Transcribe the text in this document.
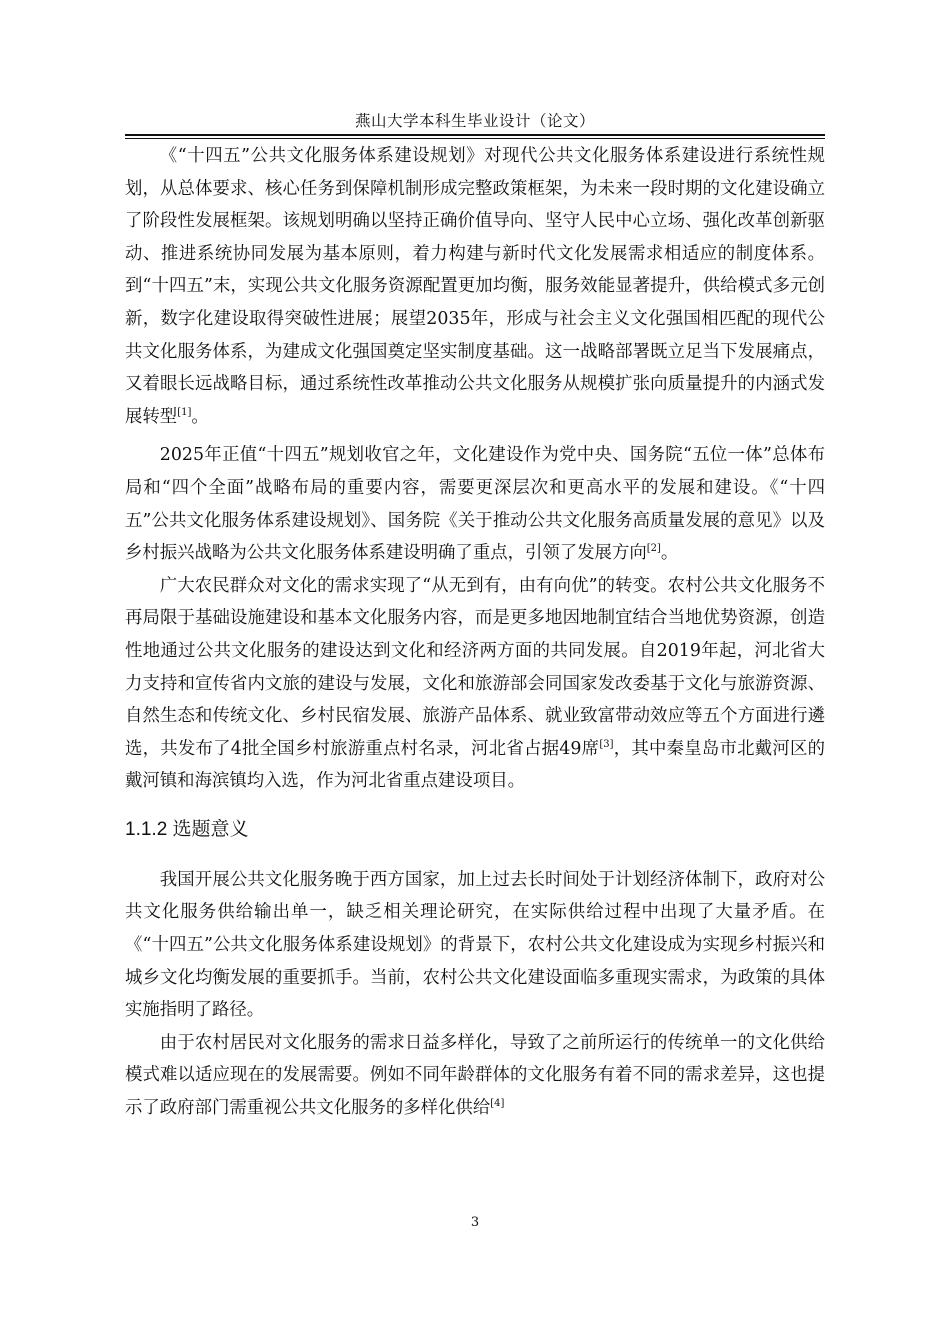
燕山大学本科生毕业设计（论文）

《“十四五”公共文化服务体系建设规划》对现代公共文化服务体系建设进行系统性规划，从总体要求、核心任务到保障机制形成完整政策框架，为未来一段时期的文化建设确立了阶段性发展框架。该规划明确以坚持正确价值导向、坚守人民中心立场、强化改革创新驱动、推进系统协同发展为基本原则，着力构建与新时代文化发展需求相适应的制度体系。到“十四五”末，实现公共文化服务资源配置更加均衡，服务效能显著提升，供给模式多元创新，数字化建设取得突破性进展；展望2035年，形成与社会主义文化强国相匹配的现代公共文化服务体系，为建成文化强国奠定坚实制度基础。这一战略部署既立足当下发展痛点，又着眼长远战略目标，通过系统性改革推动公共文化服务从规模扩张向质量提升的内涵式发展转型[1]。

2025年正值“十四五”规划收官之年，文化建设作为党中央、国务院“五位一体”总体布局和“四个全面”战略布局的重要内容，需要更深层次和更高水平的发展和建设。《“十四五”公共文化服务体系建设规划》、国务院《关于推动公共文化服务高质量发展的意见》以及乡村振兴战略为公共文化服务体系建设明确了重点，引领了发展方向[2]。

广大农民群众对文化的需求实现了“从无到有，由有向优”的转变。农村公共文化服务不再局限于基础设施建设和基本文化服务内容，而是更多地因地制宜结合当地优势资源，创造性地通过公共文化服务的建设达到文化和经济两方面的共同发展。自2019年起，河北省大力支持和宣传省内文旅的建设与发展，文化和旅游部会同国家发改委基于文化与旅游资源、自然生态和传统文化、乡村民宿发展、旅游产品体系、就业致富带动效应等五个方面进行遴选，共发布了4批全国乡村旅游重点村名录，河北省占据49席[3]，其中秦皇岛市北戴河区的戴河镇和海滨镇均入选，作为河北省重点建设项目。

1.1.2 选题意义

我国开展公共文化服务晚于西方国家，加上过去长时间处于计划经济体制下，政府对公共文化服务供给输出单一，缺乏相关理论研究，在实际供给过程中出现了大量矛盾。在《“十四五”公共文化服务体系建设规划》的背景下，农村公共文化建设成为实现乡村振兴和城乡文化均衡发展的重要抓手。当前，农村公共文化建设面临多重现实需求，为政策的具体实施指明了路径。

由于农村居民对文化服务的需求日益多样化，导致了之前所运行的传统单一的文化供给模式难以适应现在的发展需要。例如不同年龄群体的文化服务有着不同的需求差异，这也提示了政府部门需重视公共文化服务的多样化供给[4]

3
